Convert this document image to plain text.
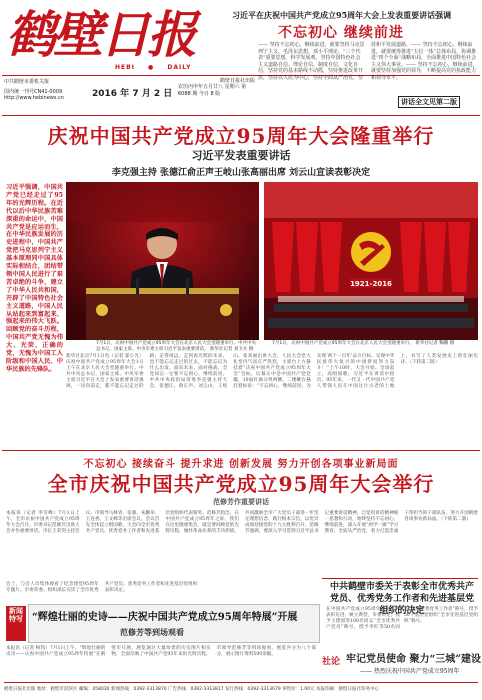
鹤壁日报
HEBI ● DAILY
中共鹤壁市委机关报
国内统一刊号CN41-0009
http://www.hebinews.cn	2016 年 7 月 2 日
农历丙申年五月廿八 星期六 第 6088 期 今日 8 版
鹤壁日报社出版
习近平在庆祝中国共产党成立95周年大会上发表重要讲话强调
不忘初心 继续前进
—— 坚持不忘初心、继续前进，就要坚持马克思列宁主义、毛泽东思想、邓小平理论、“三个代表”重要思想、科学发展观，坚持中国特色社会主义道路自信、理论自信、制度自信、文化自信，坚持党的基本路线不动摇，坚持推进改革开放，坚持以人民为中心，坚持全面从严治党，坚持和平发展道路。—— 坚持不忘初心、继续前进，就要统筹推进“五位一体”总体布局，协调推进“四个全面”战略布局，全面推进中国特色社会主义伟大事业。—— 坚持不忘初心、继续前进，就要坚持加强党的领导，不断提高党的执政能力和领导水平。
讲话全文见第二版
庆祝中国共产党成立95周年大会隆重举行
习近平发表重要讲话
李克强主持 张德江俞正声王岐山张高丽出席 刘云山宣读表彰决定
习近平强调，中国共产党已经走过了95年的光辉历程。在近代以后中华民族苦难深重的命运中，中国共产党是应运而生，在中华民族发展的历史进程中，中国共产党把马克思列宁主义基本原理同中国具体实际相结合，团结带领中国人民进行了艰苦卓绝的斗争，建立了中华人民共和国，开辟了中国特色社会主义道路，中国人民从站起来到富起来、强起来的伟大飞跃。回顾党的奋斗历程，中国共产党无愧为伟大、光荣、正确的党，无愧为中国工人阶级和中国人民、中华民族的先锋队。
7月1日，庆祝中国共产党成立95周年大会在北京人民大会堂隆重举行。中共中央总书记、国家主席、中央军委主席习近平发表重要讲话。 新华社记者 刘卫兵 摄
1921-2016
7月1日，庆祝中国共产党成立95周年大会在北京人民大会堂隆重举行。 新华社记者 鞠鹏 摄
新华社北京7月1日电（记者 霍小光）庆祝中国共产党成立95周年大会1日上午在北京人民大会堂隆重举行。中共中央总书记、国家主席、中央军委主席习近平在大会上发表重要讲话强调，一切向前走，都不能忘记走过的路；走得再远、走到再光辉的未来，也不能忘记走过的过去，不能忘记为什么出发。面向未来，面对挑战，全党同志一定要不忘初心、继续前进。中共中央政治局常委李克强主持大会，张德江、俞正声、刘云山、王岐山、张高丽出席大会。人民大会堂大礼堂内气氛庄严热烈，主席台上方悬挂着“庆祝中国共产党成立95周年大会”会标，后幕正中是中国共产党党徽，10面红旗分列两侧。二楼眺台悬挂着标语：“不忘初心，继续前进，为实现‘两个一百年’奋斗目标、实现中华民族伟大复兴的中国梦而努力奋斗！”上午10时，大会开始。全场起立，高唱国歌。习近平在讲话中指出，95年来，一代又一代中国共产党人带领人民在中国这片古老的土地上，书写了人类发展史上的壮丽史诗。（下转第二版）
不忘初心 接续奋斗 提升求进 创新发展 努力开创各项事业新局面
全市庆祝中国共产党成立95周年大会举行
范修芳作重要讲话
本报讯（记者 李雪峰）7月1日上午，全市庆祝中国共产党成立95周年大会召开。市委书记范修芳出席大会并作重要讲话。市长王荣剑主持会议。市领导马林青、张强、朱鹏举、王连香、王文峰等出席会议。会议首先全体起立唱国歌，大会向全市优秀共产党员、优秀党务工作者和先进基层党组织代表颁奖。范修芳指出，在中国共产党成立95周年之际，我们在这里隆重集会，就是要回顾党的光辉历程，缅怀革命先辈的丰功伟绩，共同激励全市广大党员干部进一步坚定理想信念、践行根本宗旨，以优异成绩迎接党的十九大胜利召开。范修芳强调，要深入学习贯彻习近平总书记重要讲话精神，自觉用讲话精神统一思想和行动，始终坚持不忘初心、继续前进，深入开展“两学一做”学习教育，全面从严治党，着力打造忠诚干净担当的干部队伍，努力开创鹤壁各项事业新局面。（下转第二版）
会上，与会人员集体观看了纪念建党95周年专题片。市委常委、组织部长宣读了全市优秀共产党员、优秀党务工作者和先进基层党组织表彰决定。
新闻特写 “辉煌壮丽的史诗——庆祝中国共产党成立95周年特展”开展
范修芳等到场观看
本报讯（记者 杨凯）7月1日上午，“辉煌壮丽的史诗——庆祝中国共产党成立95周年特展”在鹤壁市开展。展览通过大量珍贵的历史图片和实物，全面反映了中国共产党95年来的光辉历程。市领导范修芳等到场观看。展览共分为八个部分，展示图片资料500余幅。
中共鹤壁市委关于表彰全市优秀共产党员、优秀党务工作者和先进基层党组织的决定
在中国共产党成立95周年之际，为表彰先进，树立典型，市委决定，授予王建国等100名同志“全市优秀共产党员”称号，授予李红等50名同志“全市优秀党务工作者”称号，授予50个基层党组织“全市先进基层党组织”称号。
社论 牢记党员使命 聚力“三城”建设
—— 热烈庆祝中国共产党成立95周年
鹤壁日报社出版 地址：鹤壁市淇滨区 邮编：458030 新闻热线：0392-3313870 广告热线：0392-3313817 发行热线：0392-3313679 零售价：1.00元 本报印刷：鹤壁日报社印务中心
